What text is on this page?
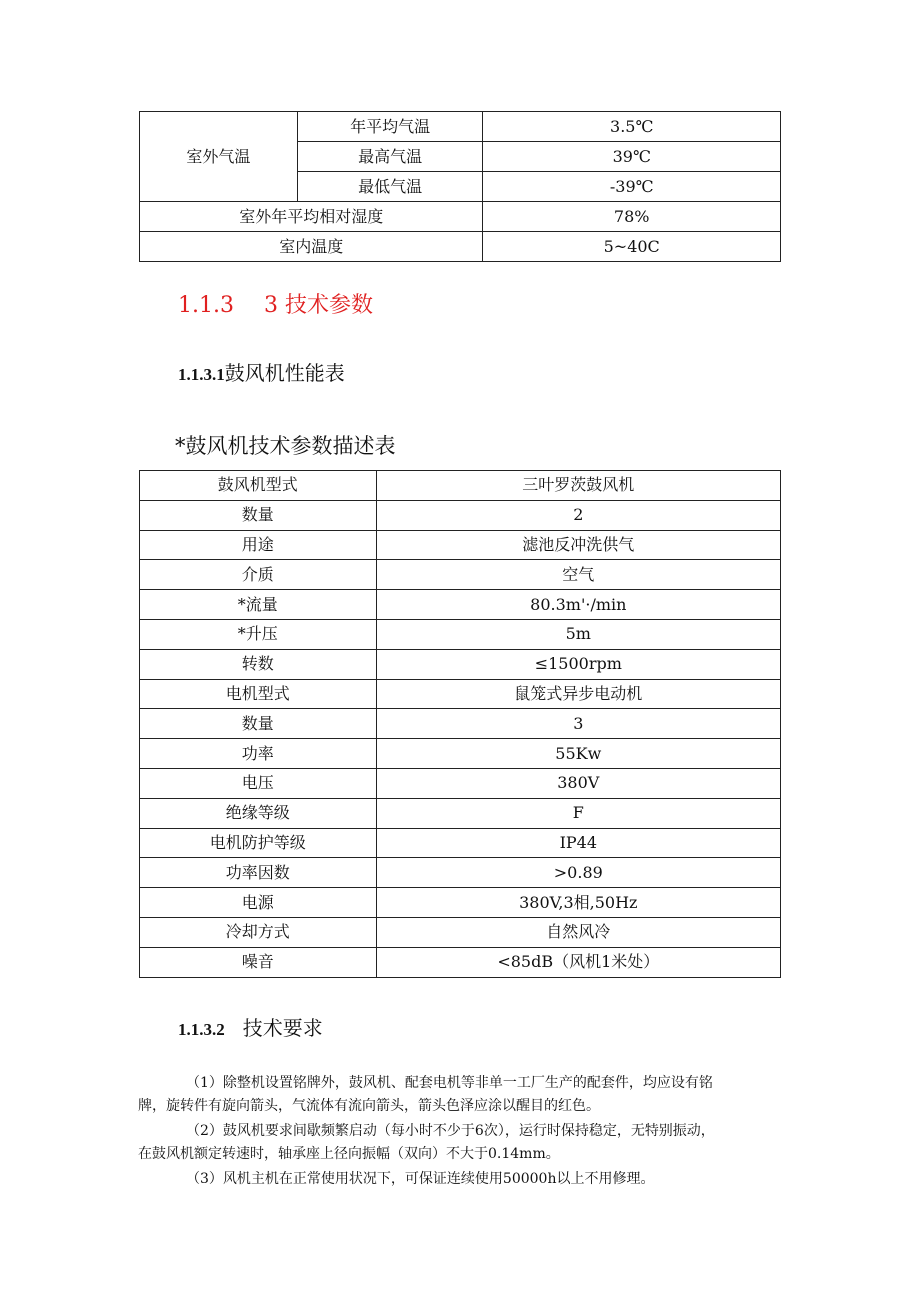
室外气温	年平均气温	3.5℃
	最高气温	39℃
	最低气温	-39℃
室外年平均相对湿度		78%
室内温度		5~40C
1.1.3 3 技术参数
1.1.3.1鼓风机性能表
*鼓风机技术参数描述表
鼓风机型式	三叶罗茨鼓风机
数量	2
用途	滤池反冲洗供气
介质	空气
*流量	80.3m'·/min
*升压	5m
转数	≤1500rpm
电机型式	鼠笼式异步电动机
数量	3
功率	55Kw
电压	380V
绝缘等级	F
电机防护等级	IP44
功率因数	>0.89
电源	380V,3相,50Hz
冷却方式	自然风冷
噪音	<85dB（风机1米处）
1.1.3.2 技术要求
（1）除整机设置铭牌外，鼓风机、配套电机等非单一工厂生产的配套件，均应设有铭
牌，旋转件有旋向箭头，气流体有流向箭头，箭头色泽应涂以醒目的红色。
（2）鼓风机要求间歇频繁启动（每小时不少于6次），运行时保持稳定，无特别振动，
在鼓风机额定转速时，轴承座上径向振幅（双向）不大于0.14mm。
（3）风机主机在正常使用状况下，可保证连续使用50000h以上不用修理。
